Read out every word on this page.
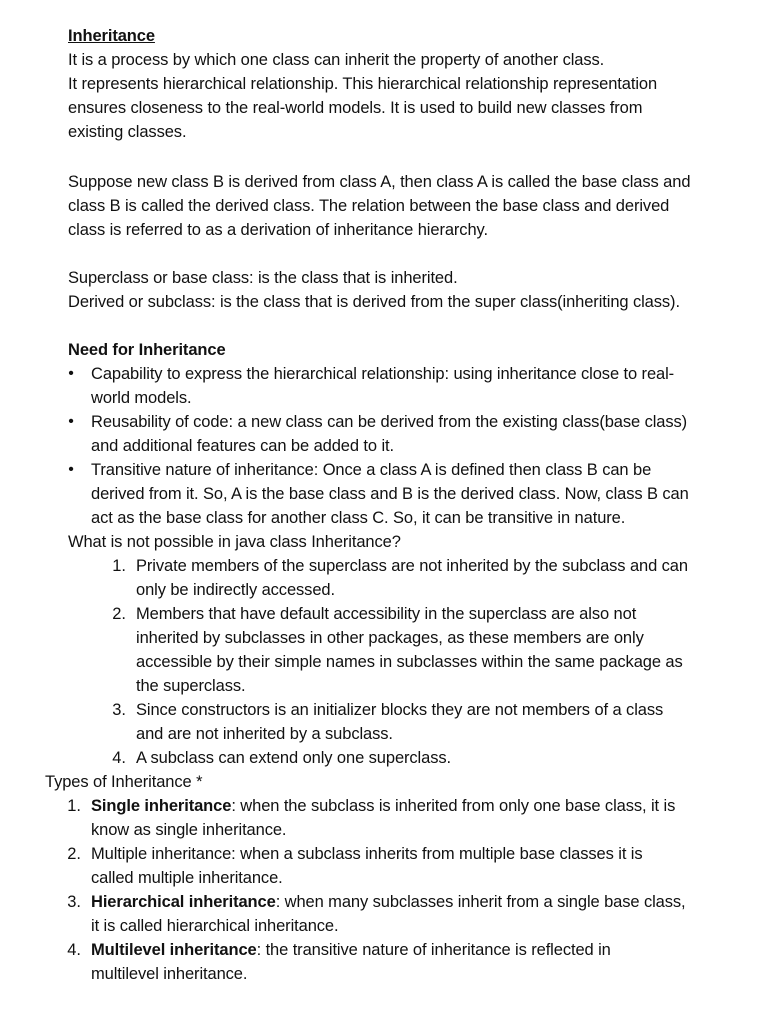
Inheritance
It is a process by which one class can inherit the property of another class.
It represents hierarchical relationship. This hierarchical relationship representation
ensures closeness to the real-world models. It is used to build new classes from
existing classes.
Suppose new class B is derived from class A, then class A is called the base class and
class B is called the derived class. The relation between the base class and derived
class is referred to as a derivation of inheritance hierarchy.
Superclass or base class: is the class that is inherited.
Derived or subclass: is the class that is derived from the super class(inheriting class).
Need for Inheritance
• Capability to express the hierarchical relationship: using inheritance close to real-
world models.
• Reusability of code: a new class can be derived from the existing class(base class)
and additional features can be added to it.
• Transitive nature of inheritance: Once a class A is defined then class B can be
derived from it. So, A is the base class and B is the derived class. Now, class B can
act as the base class for another class C. So, it can be transitive in nature.
What is not possible in java class Inheritance?
1. Private members of the superclass are not inherited by the subclass and can
only be indirectly accessed.
2. Members that have default accessibility in the superclass are also not
inherited by subclasses in other packages, as these members are only
accessible by their simple names in subclasses within the same package as
the superclass.
3. Since constructors is an initializer blocks they are not members of a class
and are not inherited by a subclass.
4. A subclass can extend only one superclass.
Types of Inheritance *
1. Single inheritance: when the subclass is inherited from only one base class, it is
know as single inheritance.
2. Multiple inheritance: when a subclass inherits from multiple base classes it is
called multiple inheritance.
3. Hierarchical inheritance: when many subclasses inherit from a single base class,
it is called hierarchical inheritance.
4. Multilevel inheritance: the transitive nature of inheritance is reflected in
multilevel inheritance.
